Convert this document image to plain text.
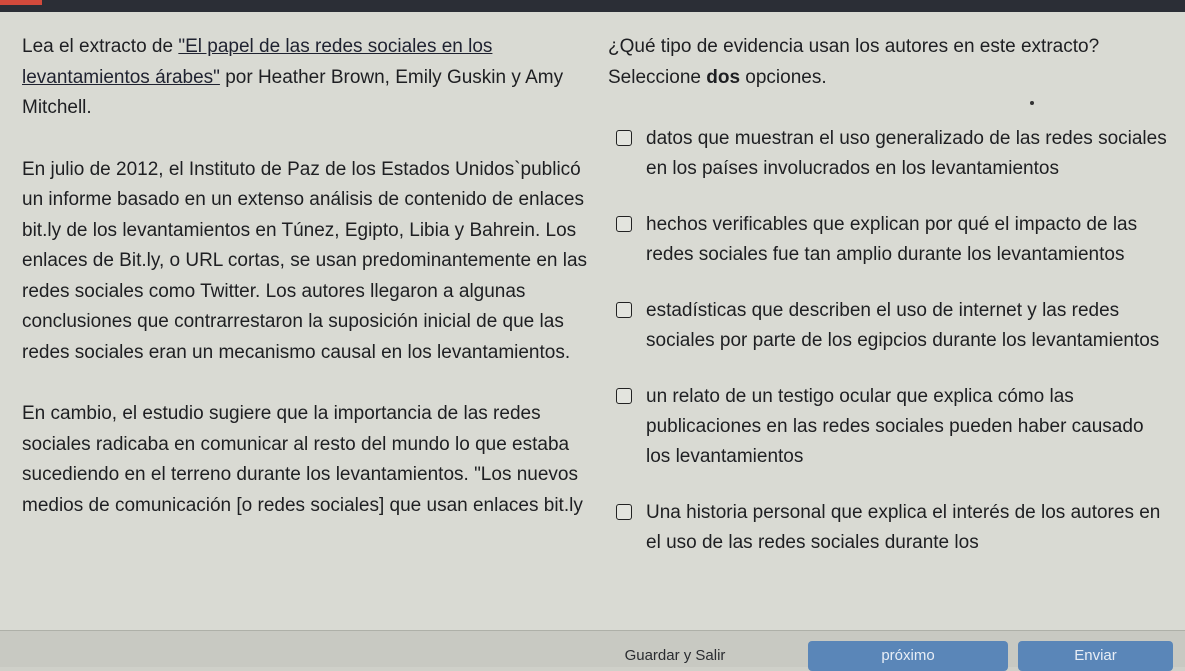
Lea el extracto de "El papel de las redes sociales en los levantamientos árabes" por Heather Brown, Emily Guskin y Amy Mitchell.

En julio de 2012, el Instituto de Paz de los Estados Unidos`publicó un informe basado en un extenso análisis de contenido de enlaces bit.ly de los levantamientos en Túnez, Egipto, Libia y Bahrein. Los enlaces de Bit.ly, o URL cortas, se usan predominantemente en las redes sociales como Twitter. Los autores llegaron a algunas conclusiones que contrarrestaron la suposición inicial de que las redes sociales eran un mecanismo causal en los levantamientos.

En cambio, el estudio sugiere que la importancia de las redes sociales radicaba en comunicar al resto del mundo lo que estaba sucediendo en el terreno durante los levantamientos. "Los nuevos medios de comunicación [o redes sociales] que usan enlaces bit.ly

¿Qué tipo de evidencia usan los autores en este extracto? Seleccione dos opciones.
datos que muestran el uso generalizado de las redes sociales en los países involucrados en los levantamientos
hechos verificables que explican por qué el impacto de las redes sociales fue tan amplio durante los levantamientos
estadísticas que describen el uso de internet y las redes sociales por parte de los egipcios durante los levantamientos
un relato de un testigo ocular que explica cómo las publicaciones en las redes sociales pueden haber causado los levantamientos
Una historia personal que explica el interés de los autores en el uso de las redes sociales durante los
Guardar y Salir	próximo	Enviar
